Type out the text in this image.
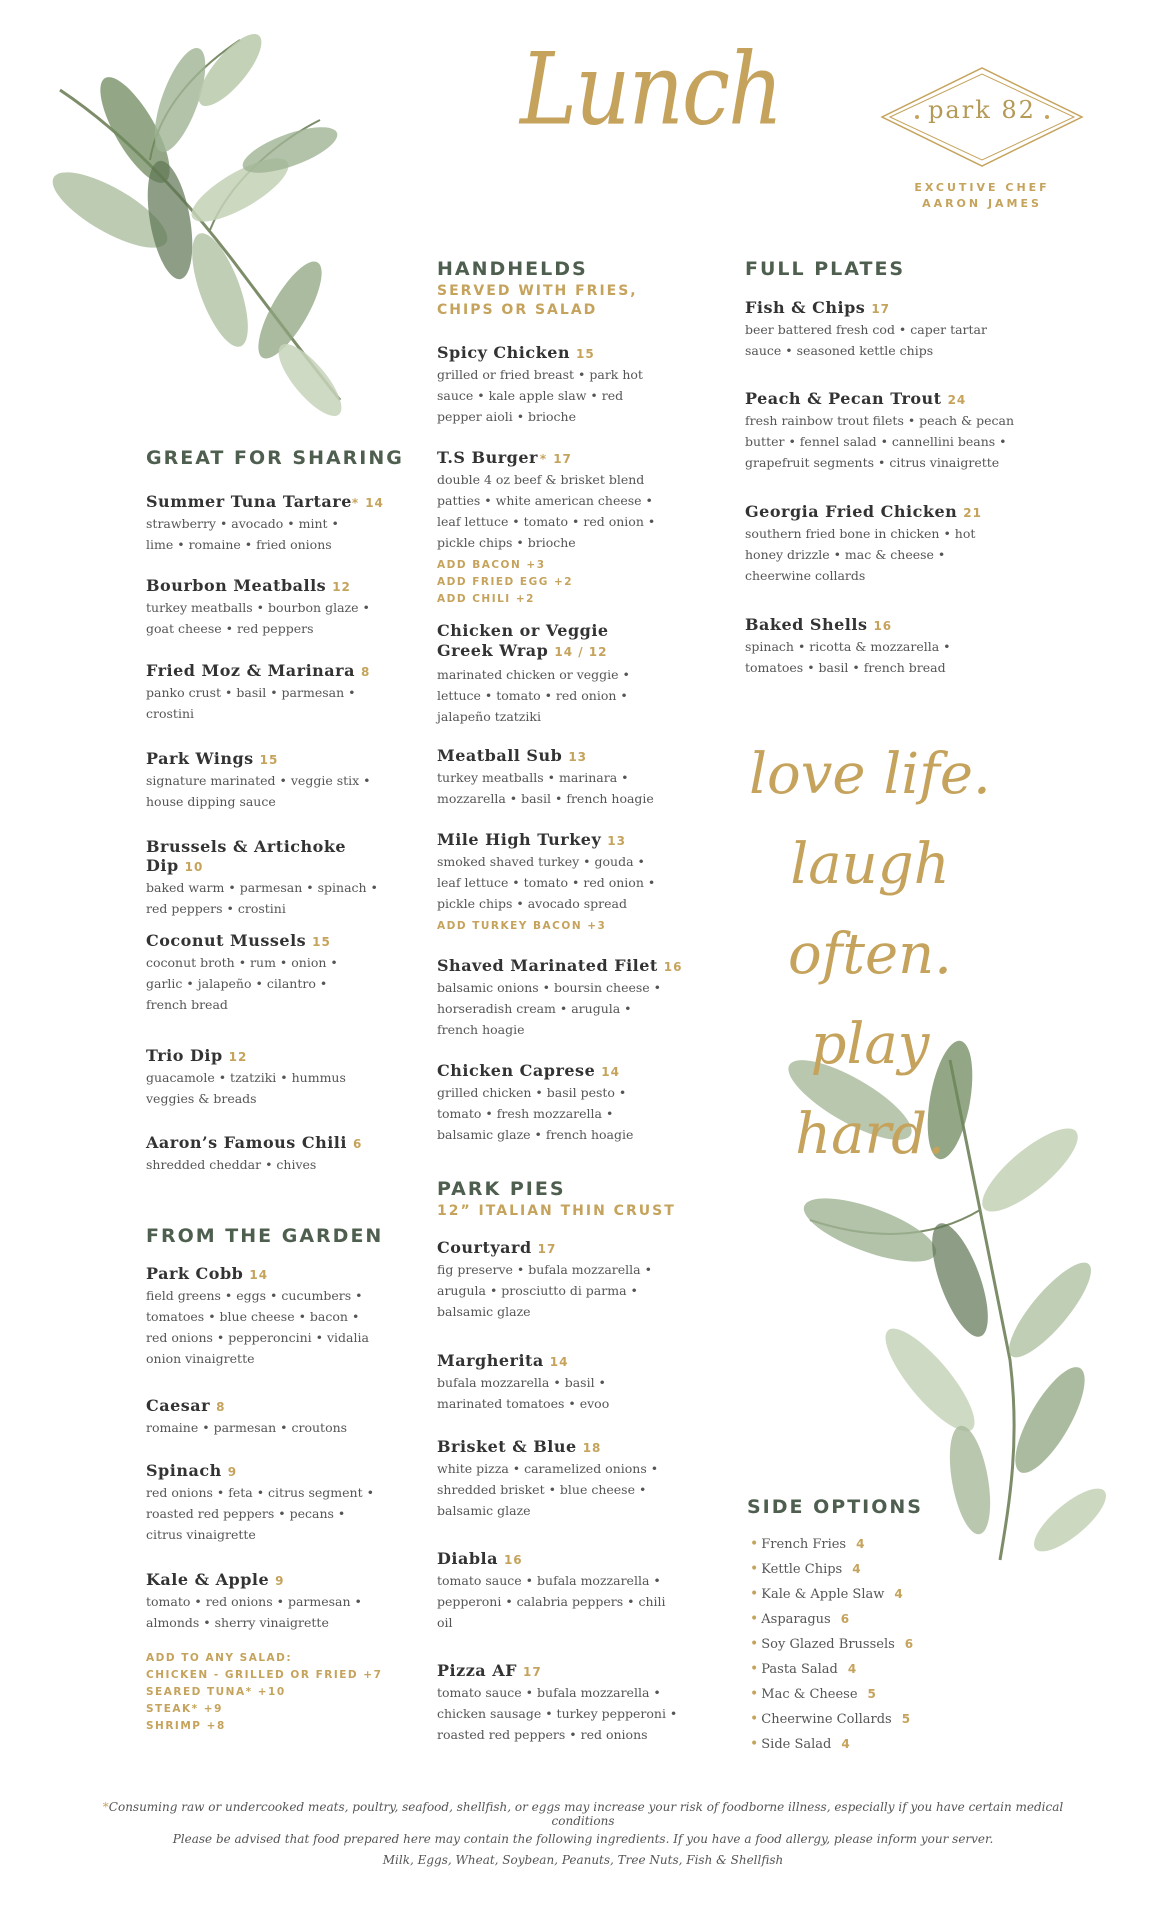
Lunch	park 82
EXCUTIVE CHEF
AARON JAMES
GREAT FOR SHARING
Summer Tuna Tartare* 14
strawberry • avocado • mint • lime • romaine • fried onions
Bourbon Meatballs 12
turkey meatballs • bourbon glaze • goat cheese • red peppers
Fried Moz & Marinara 8
panko crust • basil • parmesan • crostini
Park Wings 15
signature marinated • veggie stix • house dipping sauce
Brussels & Artichoke Dip 10
baked warm • parmesan • spinach • red peppers • crostini
Coconut Mussels 15
coconut broth • rum • onion • garlic • jalapeño • cilantro • french bread
Trio Dip 12
guacamole • tzatziki • hummus veggies & breads
Aaron’s Famous Chili 6
shredded cheddar • chives
FROM THE GARDEN
Park Cobb 14
field greens • eggs • cucumbers • tomatoes • blue cheese • bacon • red onions • pepperoncini • vidalia onion vinaigrette
Caesar 8
romaine • parmesan • croutons
Spinach 9
red onions • feta • citrus segment • roasted red peppers • pecans • citrus vinaigrette
Kale & Apple 9
tomato • red onions • parmesan • almonds • sherry vinaigrette
ADD TO ANY SALAD:
CHICKEN - GRILLED OR FRIED +7
SEARED TUNA* +10
STEAK* +9
SHRIMP +8
HANDHELDS
SERVED WITH FRIES,
CHIPS OR SALAD
Spicy Chicken 15
grilled or fried breast • park hot sauce • kale apple slaw • red pepper aioli • brioche
T.S Burger * 17
double 4 oz beef & brisket blend patties • white american cheese • leaf lettuce • tomato • red onion • pickle chips • brioche
ADD BACON +3
ADD FRIED EGG +2
ADD CHILI +2
Chicken or Veggie Greek Wrap 14 / 12
marinated chicken or veggie • lettuce • tomato • red onion • jalapeño tzatziki
Meatball Sub 13
turkey meatballs • marinara • mozzarella • basil • french hoagie
Mile High Turkey 13
smoked shaved turkey • gouda • leaf lettuce • tomato • red onion • pickle chips • avocado spread
ADD TURKEY BACON +3
Shaved Marinated Filet 16
balsamic onions • boursin cheese • horseradish cream • arugula • french hoagie
Chicken Caprese 14
grilled chicken • basil pesto • tomato • fresh mozzarella • balsamic glaze • french hoagie
PARK PIES
12” ITALIAN THIN CRUST
Courtyard 17
fig preserve • bufala mozzarella • arugula • prosciutto di parma • balsamic glaze
Margherita 14
bufala mozzarella • basil • marinated tomatoes • evoo
Brisket & Blue 18
white pizza • caramelized onions • shredded brisket • blue cheese • balsamic glaze
Diabla 16
tomato sauce • bufala mozzarella • pepperoni • calabria peppers • chili oil
Pizza AF 17
tomato sauce • bufala mozzarella • chicken sausage • turkey pepperoni • roasted red peppers • red onions
FULL PLATES
Fish & Chips 17
beer battered fresh cod • caper tartar sauce • seasoned kettle chips
Peach & Pecan Trout 24
fresh rainbow trout filets • peach & pecan butter • fennel salad • cannellini beans • grapefruit segments • citrus vinaigrette
Georgia Fried Chicken 21
southern fried bone in chicken • hot honey drizzle • mac & cheese • cheerwine collards
Baked Shells 16
spinach • ricotta & mozzarella • tomatoes • basil • french bread
love life.
laugh often.
play hard.
SIDE OPTIONS
• French Fries 4
• Kettle Chips 4
• Kale & Apple Slaw 4
• Asparagus 6
• Soy Glazed Brussels 6
• Pasta Salad 4
• Mac & Cheese 5
• Cheerwine Collards 5
• Side Salad 4
*Consuming raw or undercooked meats, poultry, seafood, shellfish, or eggs may increase your risk of foodborne illness, especially if you have certain medical conditions
Please be advised that food prepared here may contain the following ingredients. If you have a food allergy, please inform your server.
Milk, Eggs, Wheat, Soybean, Peanuts, Tree Nuts, Fish & Shellfish
